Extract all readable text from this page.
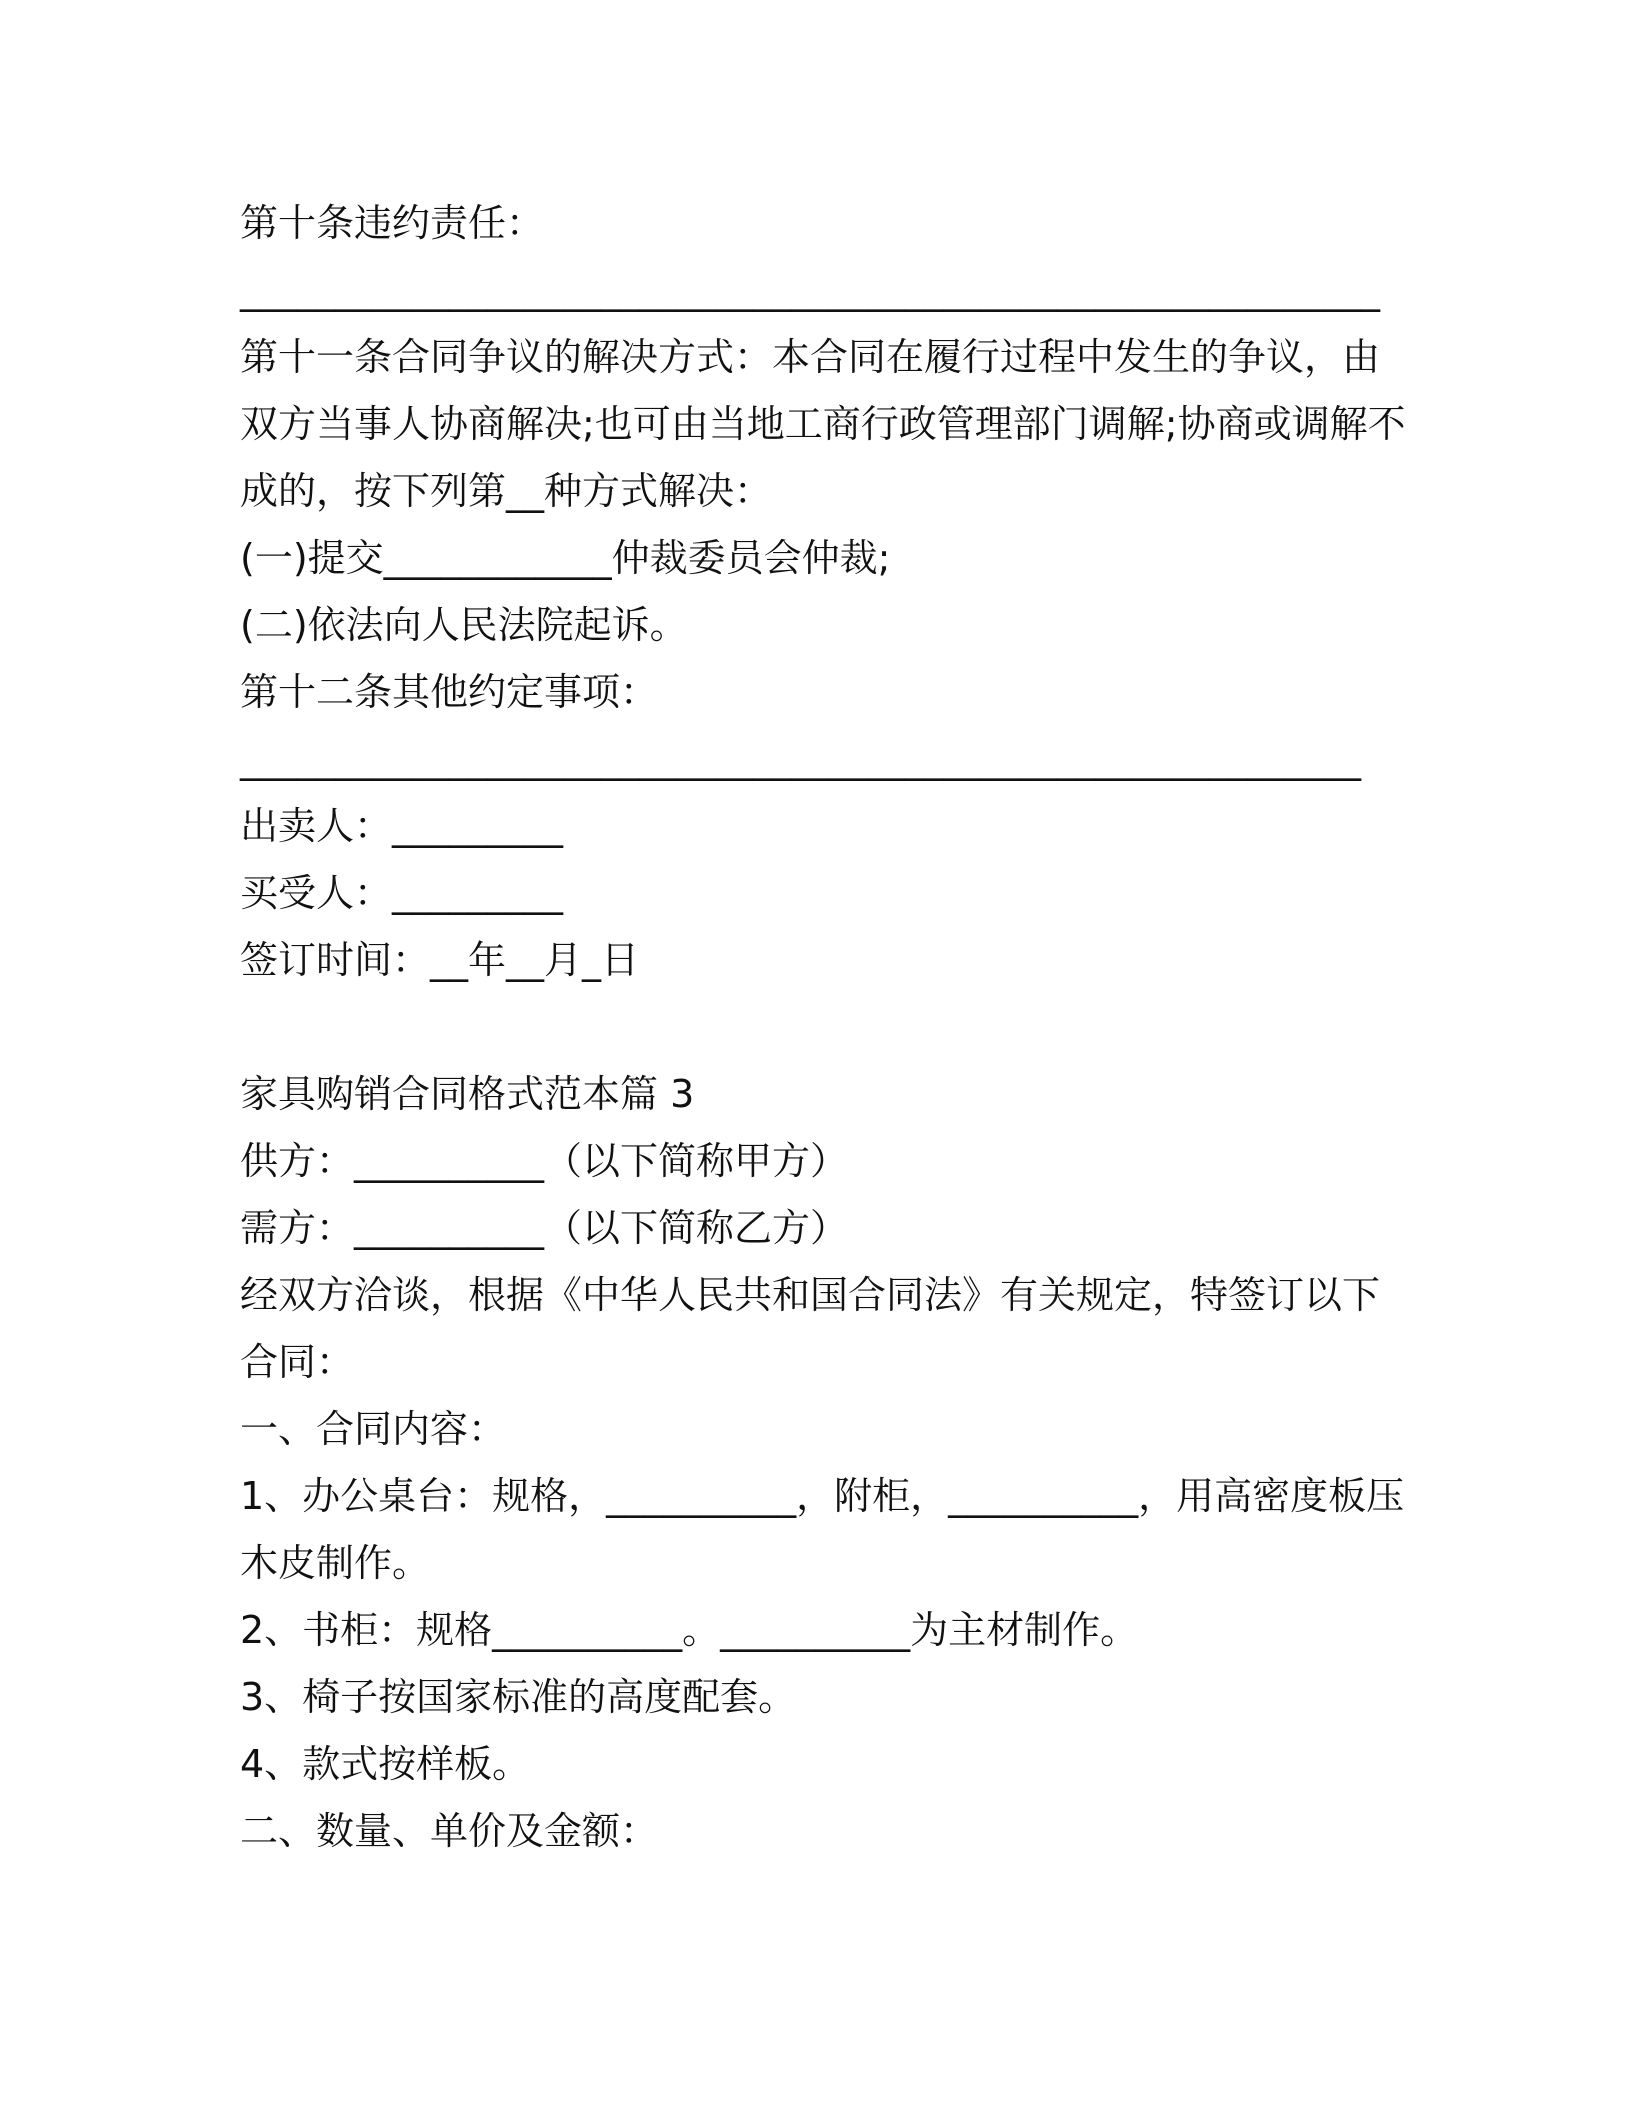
第十条违约责任：
____________________________________________________________
第十一条合同争议的解决方式：本合同在履行过程中发生的争议，由
双方当事人协商解决;也可由当地工商行政管理部门调解;协商或调解不
成的，按下列第__种方式解决：
(一)提交____________仲裁委员会仲裁;
(二)依法向人民法院起诉。
第十二条其他约定事项：
___________________________________________________________
出卖人：_________
买受人：_________
签订时间：__年__月_日
家具购销合同格式范本篇 3
供方：__________（以下简称甲方）
需方：__________（以下简称乙方）
经双方洽谈，根据《中华人民共和国合同法》有关规定，特签订以下
合同：
一、合同内容：
1、办公桌台：规格，__________，附柜，__________，用高密度板压
木皮制作。
2、书柜：规格__________。__________为主材制作。
3、椅子按国家标准的高度配套。
4、款式按样板。
二、数量、单价及金额：
